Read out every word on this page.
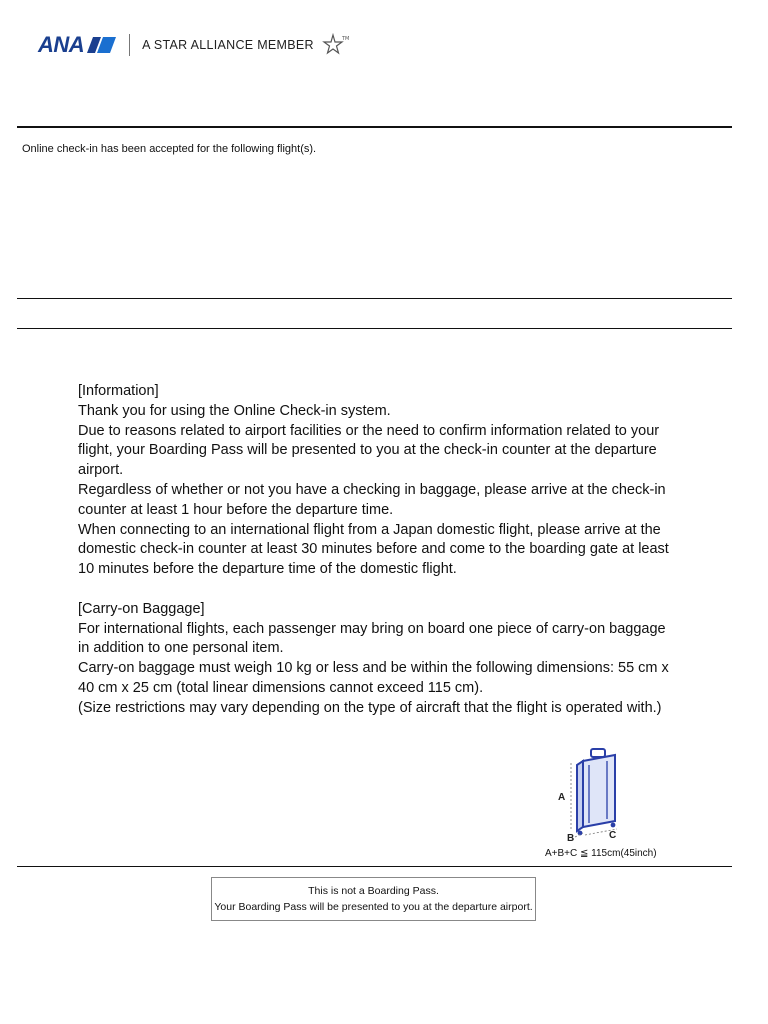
ANA	A STAR ALLIANCE MEMBER	TM
Online check-in has been accepted for the following flight(s).

[Information]

Thank you for using the Online Check-in system.

Due to reasons related to airport facilities or the need to confirm information related to your flight, your Boarding Pass will be presented to you at the check-in counter at the departure airport.

Regardless of whether or not you have a checking in baggage, please arrive at the check-in counter at least 1 hour before the departure time.

When connecting to an international flight from a Japan domestic flight, please arrive at the domestic check-in counter at least 30 minutes before and come to the boarding gate at least 10 minutes before the departure time of the domestic flight.

[Carry-on Baggage]

For international flights, each passenger may bring on board one piece of carry-on baggage in addition to one personal item.

Carry-on baggage must weigh 10 kg or less and be within the following dimensions: 55 cm x 40 cm x 25 cm (total linear dimensions cannot exceed 115 cm).

(Size restrictions may vary depending on the type of aircraft that the flight is operated with.)

A
B	C
A+B+C ≦ 115cm(45inch)
This is not a Boarding Pass.
Your Boarding Pass will be presented to you at the departure airport.
